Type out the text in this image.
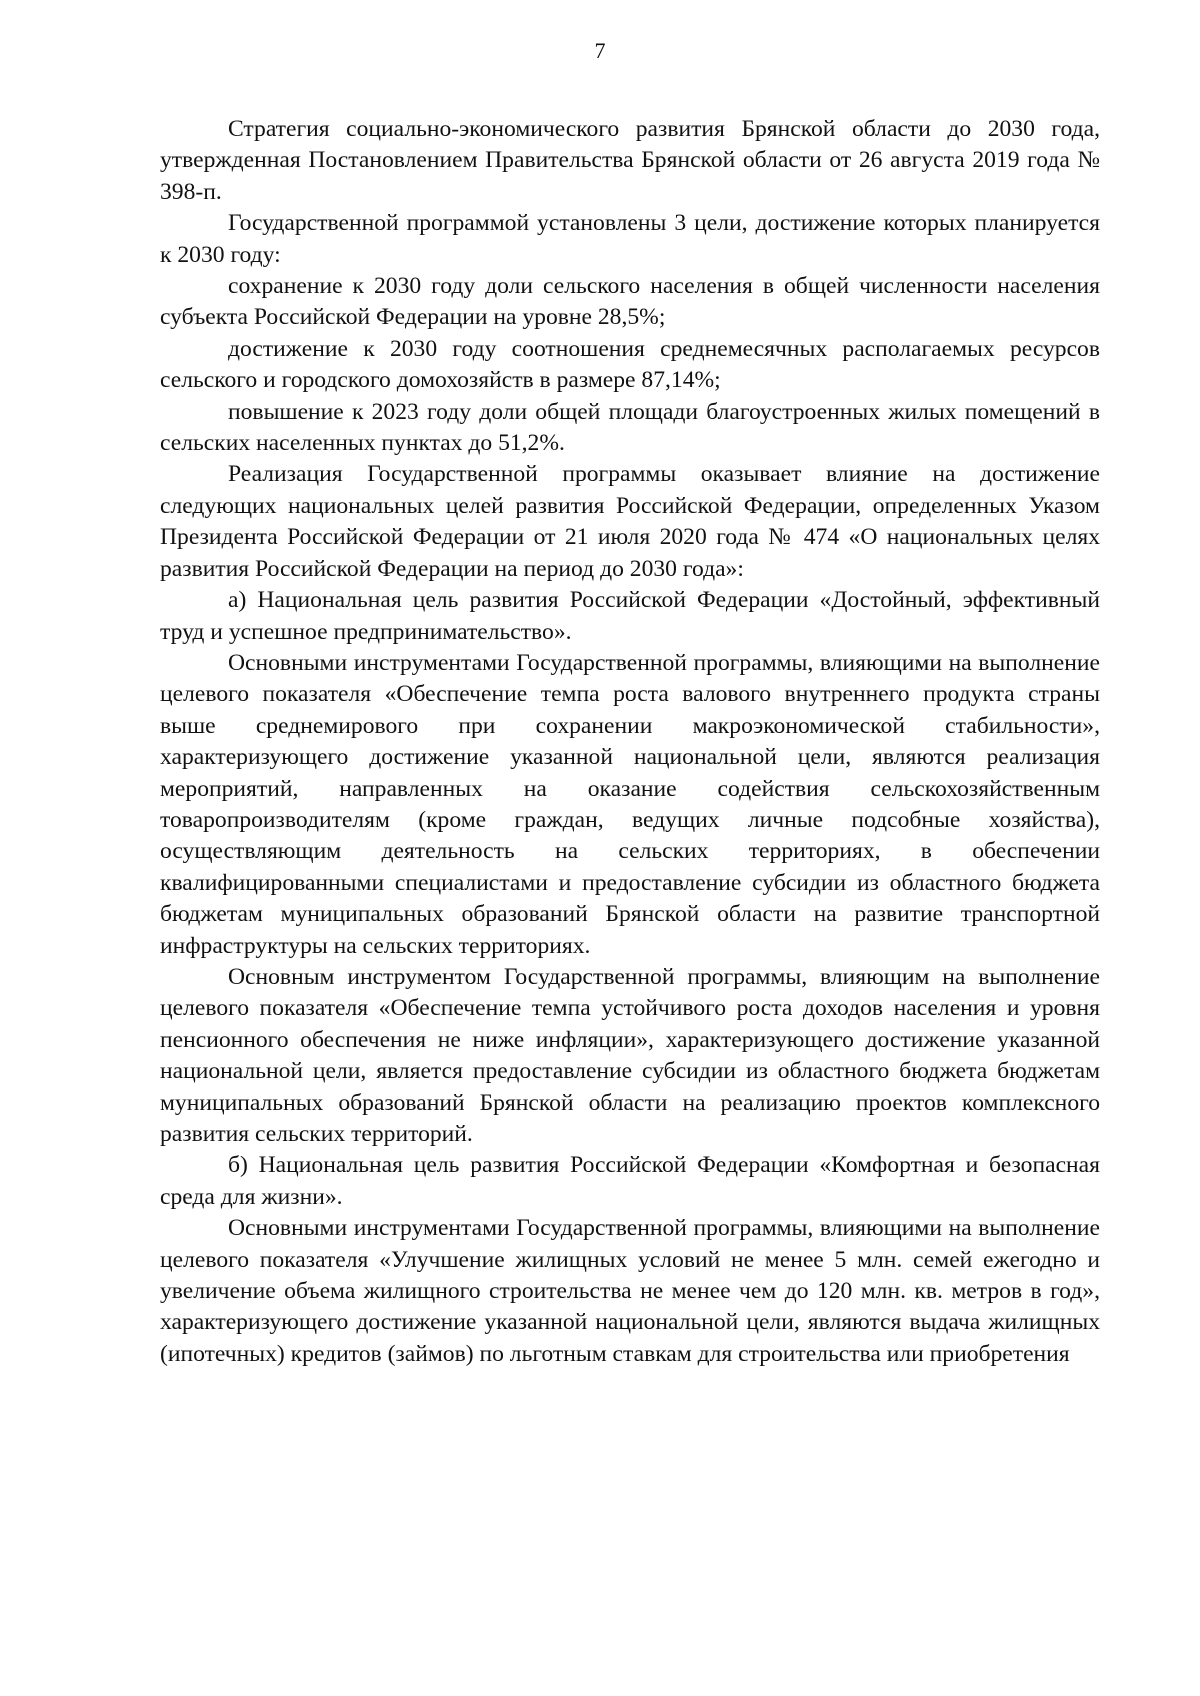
7

Стратегия социально-экономического развития Брянской области до 2030 года, утвержденная Постановлением Правительства Брянской области от 26 августа 2019 года № 398-п.

Государственной программой установлены 3 цели, достижение которых планируется к 2030 году:

сохранение к 2030 году доли сельского населения в общей численности населения субъекта Российской Федерации на уровне 28,5%;

достижение к 2030 году соотношения среднемесячных располагаемых ресурсов сельского и городского домохозяйств в размере 87,14%;

повышение к 2023 году доли общей площади благоустроенных жилых помещений в сельских населенных пунктах до 51,2%.

Реализация Государственной программы оказывает влияние на достижение следующих национальных целей развития Российской Федерации, определенных Указом Президента Российской Федерации от 21 июля 2020 года № 474 «О национальных целях развития Российской Федерации на период до 2030 года»:

а) Национальная цель развития Российской Федерации «Достойный, эффективный труд и успешное предпринимательство».

Основными инструментами Государственной программы, влияющими на выполнение целевого показателя «Обеспечение темпа роста валового внутреннего продукта страны выше среднемирового при сохранении макроэкономической стабильности», характеризующего достижение указанной национальной цели, являются реализация мероприятий, направленных на оказание содействия сельскохозяйственным товаропроизводителям (кроме граждан, ведущих личные подсобные хозяйства), осуществляющим деятельность на сельских территориях, в обеспечении квалифицированными специалистами и предоставление субсидии из областного бюджета бюджетам муниципальных образований Брянской области на развитие транспортной инфраструктуры на сельских территориях.

Основным инструментом Государственной программы, влияющим на выполнение целевого показателя «Обеспечение темпа устойчивого роста доходов населения и уровня пенсионного обеспечения не ниже инфляции», характеризующего достижение указанной национальной цели, является предоставление субсидии из областного бюджета бюджетам муниципальных образований Брянской области на реализацию проектов комплексного развития сельских территорий.

б) Национальная цель развития Российской Федерации «Комфортная и безопасная среда для жизни».

Основными инструментами Государственной программы, влияющими на выполнение целевого показателя «Улучшение жилищных условий не менее 5 млн. семей ежегодно и увеличение объема жилищного строительства не менее чем до 120 млн. кв. метров в год», характеризующего достижение указанной национальной цели, являются выдача жилищных (ипотечных) кредитов (займов) по льготным ставкам для строительства или приобретения
